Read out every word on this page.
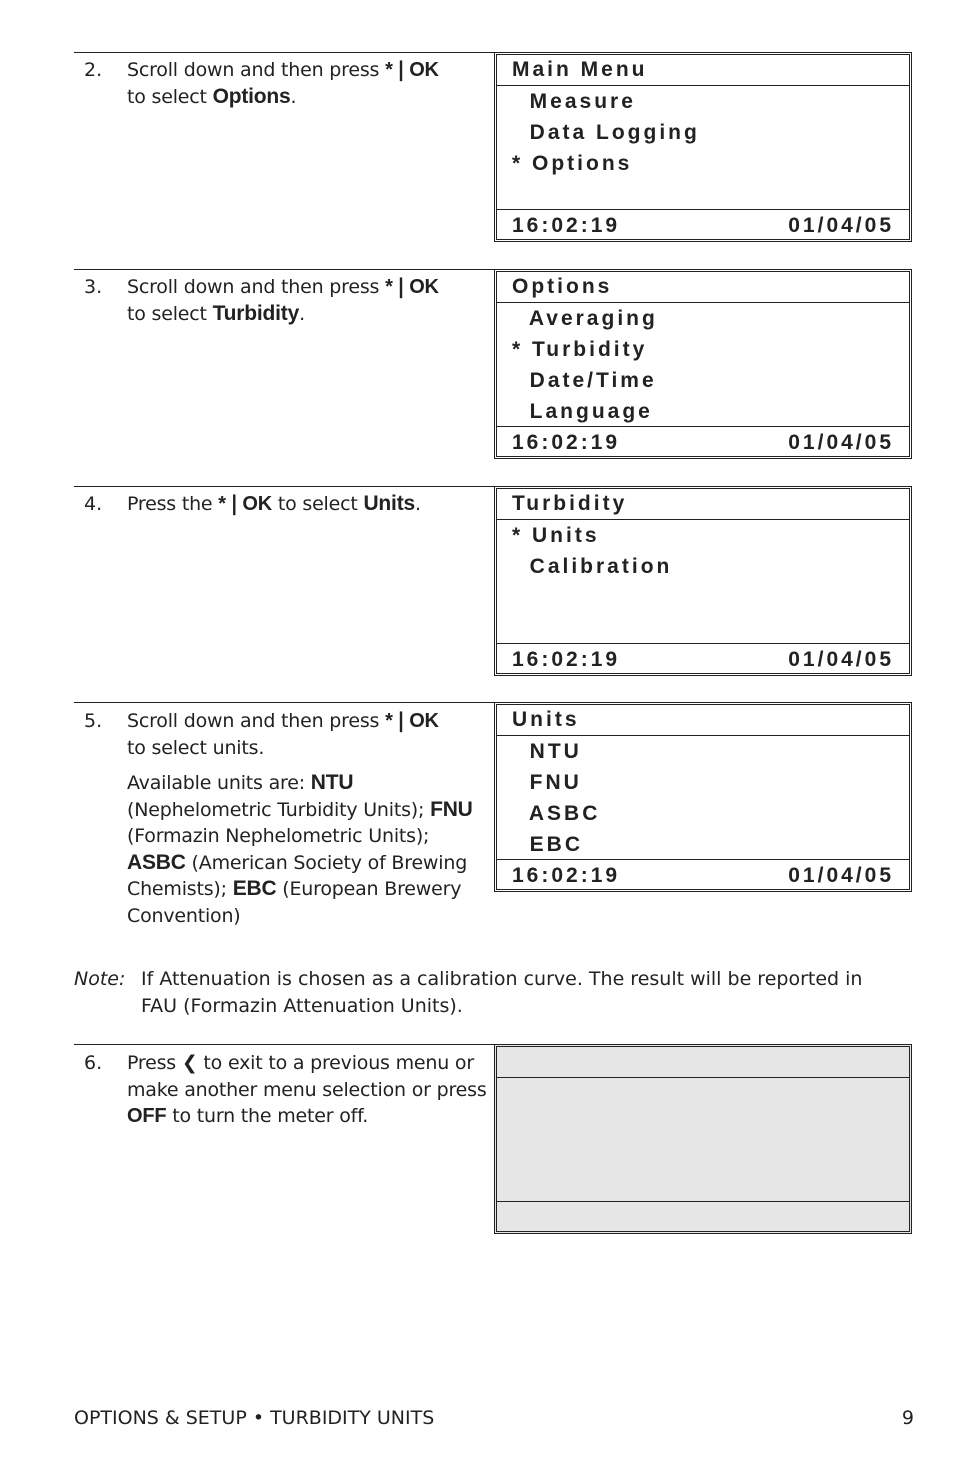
2. Scroll down and then press *❘OK
to select Options.
Main Menu
Measure
Data Logging
* Options
16:02:19	01/04/05
3. Scroll down and then press *❘OK
to select Turbidity.
Options
Averaging
* Turbidity
Date/Time
Language
16:02:19	01/04/05
4. Press the *❘OK to select Units.	Turbidity
* Units
Calibration
16:02:19	01/04/05
5. Scroll down and then press *❘OK
to select units.

Available units are: NTU (Nephelometric Turbidity Units); FNU (Formazin Nephelometric Units); ASBC (American Society of Brewing Chemists); EBC (European Brewery Convention)

Units
NTU
FNU
ASBC
EBC
16:02:19	01/04/05
Note: If Attenuation is chosen as a calibration curve. The result will be reported in FAU (Formazin Attenuation Units).
6. Press ❮ to exit to a previous menu or make another menu selection or press OFF to turn the meter off.
OPTIONS & SETUP • TURBIDITY UNITS	9
